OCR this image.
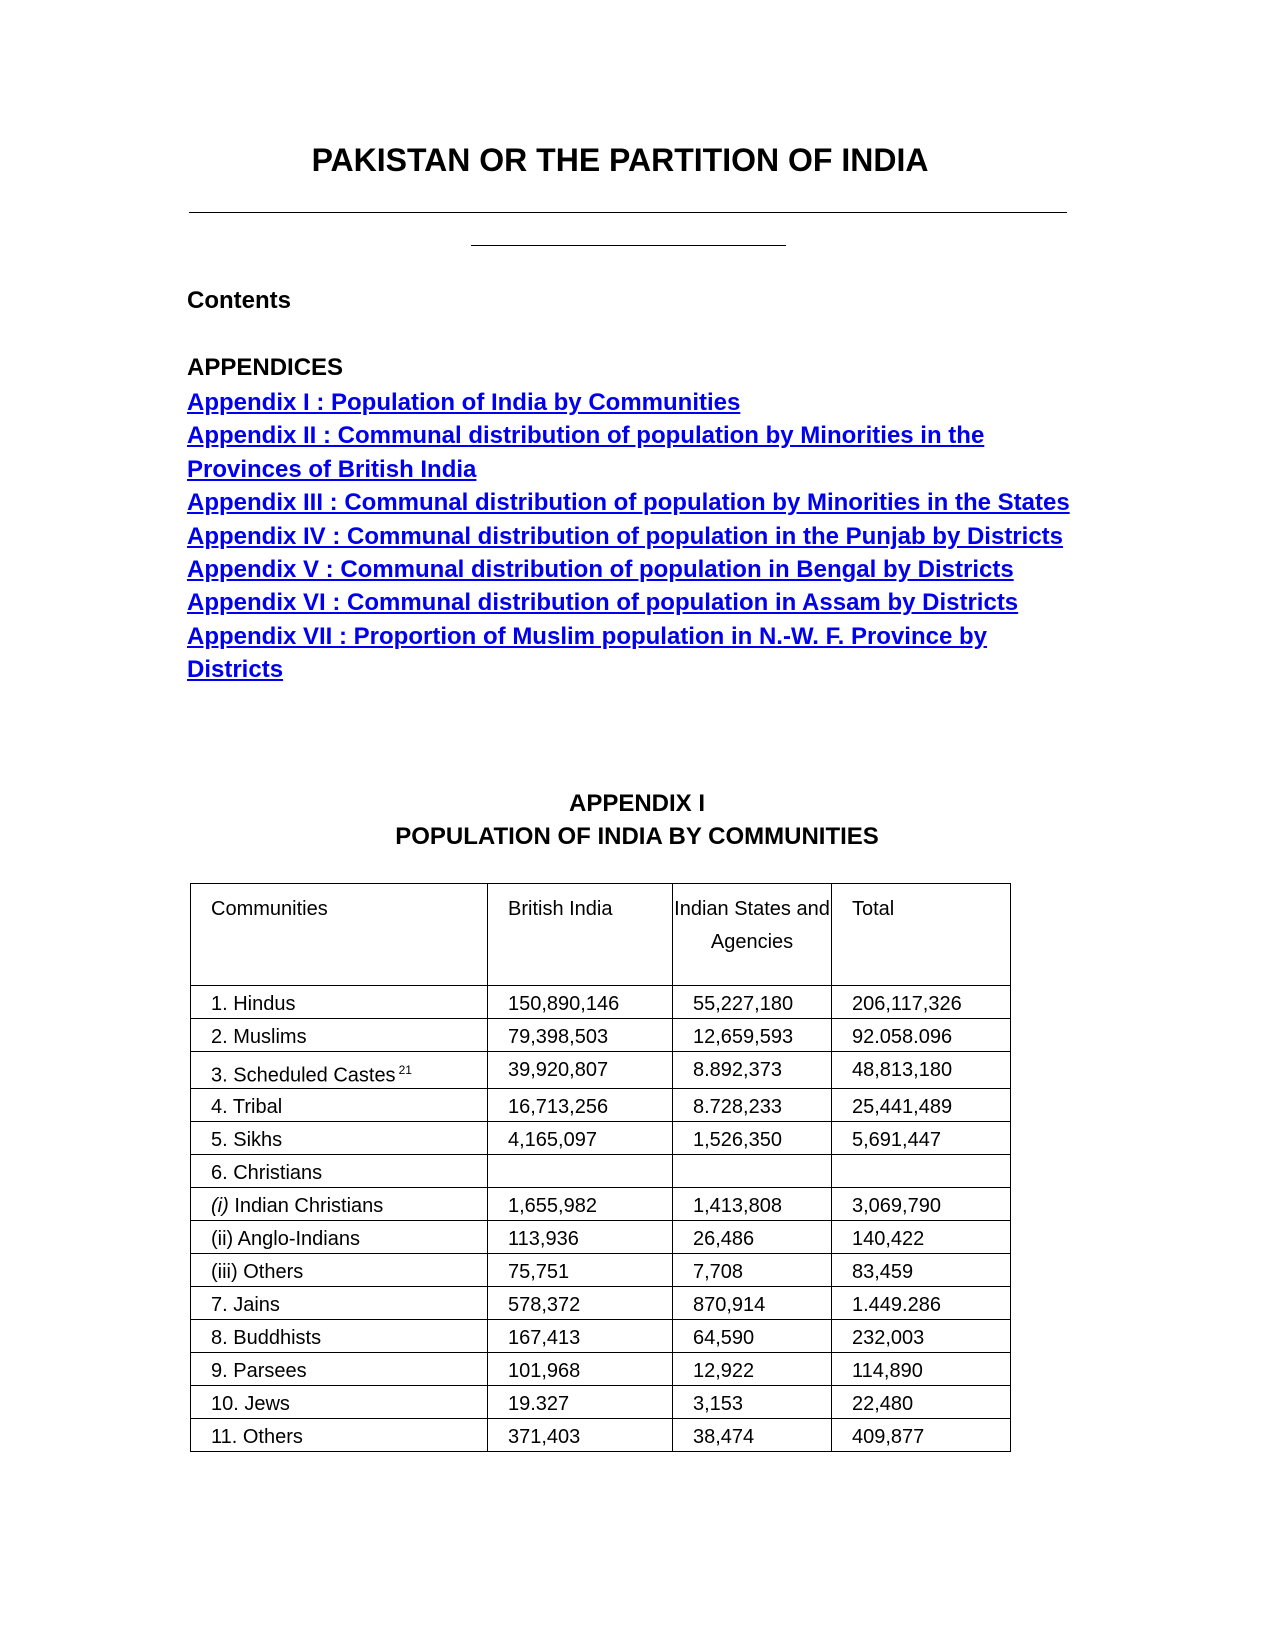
PAKISTAN OR THE PARTITION OF INDIA
Contents
APPENDICES
Appendix I : Population of India by Communities
Appendix II : Communal distribution of population by Minorities in the Provinces of British India
Appendix III : Communal distribution of population by Minorities in the States
Appendix IV : Communal distribution of population in the Punjab by Districts
Appendix V : Communal distribution of population in Bengal by Districts
Appendix VI : Communal distribution of population in Assam by Districts
Appendix VII : Proportion of Muslim population in N.-W. F. Province by Districts
APPENDIX I
POPULATION OF INDIA BY COMMUNITIES
Communities	British India	Indian States and Agencies	Total
1. Hindus	150,890,146	55,227,180	206,117,326
2. Muslims	79,398,503	12,659,593	92.058.096
3. Scheduled Castes $^{21}$	39,920,807	8.892,373	48,813,180
4. Tribal	16,713,256	8.728,233	25,441,489
5. Sikhs	4,165,097	1,526,350	5,691,447
6. Christians			
(i) Indian Christians	1,655,982	1,413,808	3,069,790
(ii) Anglo-Indians	113,936	26,486	140,422
(iii) Others	75,751	7,708	83,459
7. Jains	578,372	870,914	1.449.286
8. Buddhists	167,413	64,590	232,003
9. Parsees	101,968	12,922	114,890
10. Jews	19.327	3,153	22,480
11. Others	371,403	38,474	409,877
